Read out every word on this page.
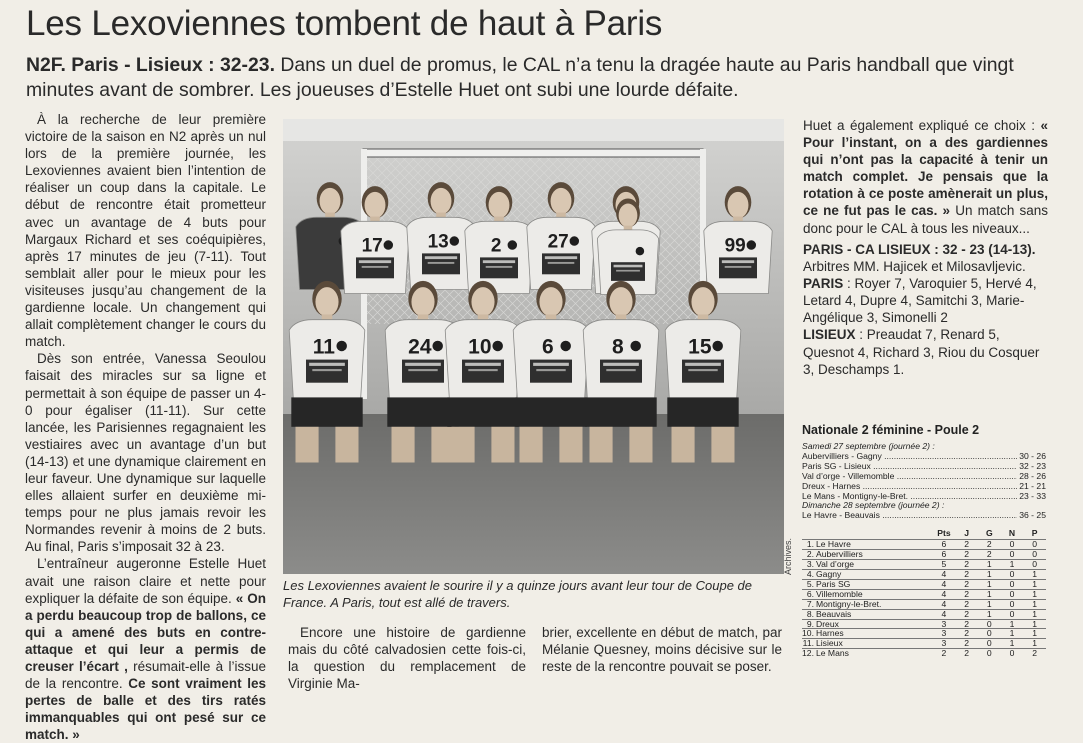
Les Lexoviennes tombent de haut à Paris
N2F. Paris - Lisieux : 32-23. Dans un duel de promus, le CAL n’a tenu la dragée haute au Paris handball que vingt minutes avant de sombrer. Les joueuses d’Estelle Huet ont subi une lourde défaite.

À la recherche de leur première victoire de la saison en N2 après un nul lors de la première journée, les Lexoviennes avaient bien l’intention de réaliser un coup dans la capitale. Le début de rencontre était prometteur avec un avantage de 4 buts pour Margaux Richard et ses coéquipières, après 17 minutes de jeu (7-11). Tout semblait aller pour le mieux pour les visiteuses jusqu’au changement de la gardienne locale. Un changement qui allait complètement changer le cours du match.

Dès son entrée, Vanessa Seoulou faisait des miracles sur sa ligne et permettait à son équipe de passer un 4-0 pour égaliser (11-11). Sur cette lancée, les Parisiennes regagnaient les vestiaires avec un avantage d’un but (14-13) et une dynamique clairement en leur faveur. Une dynamique sur laquelle elles allaient surfer en deuxième mi-temps pour ne plus jamais revoir les Normandes revenir à moins de 2 buts. Au final, Paris s’imposait 32 à 23.

L’entraîneur augeronne Estelle Huet avait une raison claire et nette pour expliquer la défaite de son équipe. « On a perdu beaucoup trop de ballons, ce qui a amené des buts en contre-attaque et qui leur a permis de creuser l’écart , résumait-elle à l’issue de la rencontre. Ce sont vraiment les pertes de balle et des tirs ratés immanquables qui ont pesé sur ce match. »

17 13 2 27	99
11	24 10 6	8	15
Les Lexoviennes avaient le sourire il y a quinze jours avant leur tour de Coupe de France. A Paris, tout est allé de travers.
Archives.

Encore une histoire de gardienne mais du côté calvadosien cette fois-ci, la question du remplacement de Virginie Ma-

brier, excellente en début de match, par Mélanie Quesney, moins décisive sur le reste de la rencontre pouvait se poser.

Huet a également expliqué ce choix : « Pour l’instant, on a des gardiennes qui n’ont pas la capacité à tenir un match complet. Je pensais que la rotation à ce poste amènerait un plus, ce ne fut pas le cas. » Un match sans donc pour le CAL à tous les niveaux...

PARIS - CA LISIEUX : 32 - 23 (14-13).

Arbitres MM. Hajicek et Milosavljevic.

PARIS : Royer 7, Varoquier 5, Hervé 4, Letard 4, Dupre 4, Samitchi 3, Marie-Angélique 3, Simonelli 2

LISIEUX : Preaudat 7, Renard 5, Quesnot 4, Richard 3, Riou du Cosquer 3, Deschamps 1.

Nationale 2 féminine - Poule 2
Samedi 27 septembre (journée 2) :
Aubervilliers - Gagny .....	30 - 26
Paris SG - Lisieux .....	32 - 23
Val d’orge - Villemomble .....	28 - 26
Dreux - Harnes .....	21 - 21
Le Mans - Montigny-le-Bret. .....	23 - 33
Dimanche 28 septembre (journée 2) :
Le Havre - Beauvais .....	36 - 25
		Pts	J	G	N	P
1.	Le Havre	6	2	2	0	0
2.	Aubervilliers	6	2	2	0	0
3.	Val d’orge	5	2	1	1	0
4.	Gagny	4	2	1	0	1
5.	Paris SG	4	2	1	0	1
6.	Villemomble	4	2	1	0	1
7.	Montigny-le-Bret.	4	2	1	0	1
8.	Beauvais	4	2	1	0	1
9.	Dreux	3	2	0	1	1
10.	Harnes	3	2	0	1	1
11.	Lisieux	3	2	0	1	1
12.	Le Mans	2	2	0	0	2
